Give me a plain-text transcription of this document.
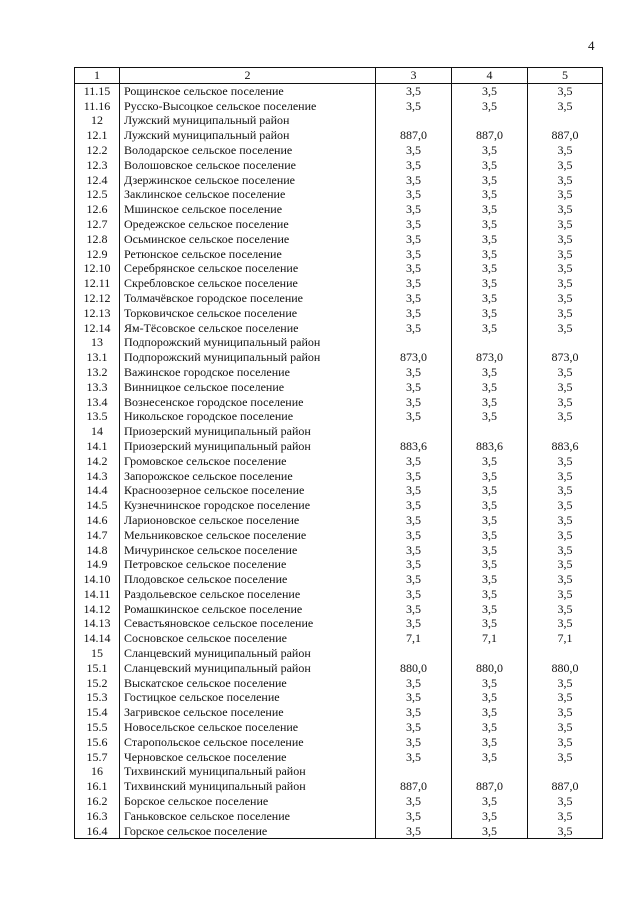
4
1	2	3	4	5
11.15	Рощинское сельское поселение	3,5	3,5	3,5
11.16	Русско-Высоцкое сельское поселение	3,5	3,5	3,5
12	Лужский муниципальный район			
12.1	Лужский муниципальный район	887,0	887,0	887,0
12.2	Володарское сельское поселение	3,5	3,5	3,5
12.3	Волошовское сельское поселение	3,5	3,5	3,5
12.4	Дзержинское сельское поселение	3,5	3,5	3,5
12.5	Заклинское сельское поселение	3,5	3,5	3,5
12.6	Мшинское сельское поселение	3,5	3,5	3,5
12.7	Оредежское сельское поселение	3,5	3,5	3,5
12.8	Осьминское сельское поселение	3,5	3,5	3,5
12.9	Ретюнское сельское поселение	3,5	3,5	3,5
12.10	Серебрянское сельское поселение	3,5	3,5	3,5
12.11	Скребловское сельское поселение	3,5	3,5	3,5
12.12	Толмачёвское городское поселение	3,5	3,5	3,5
12.13	Торковичское сельское поселение	3,5	3,5	3,5
12.14	Ям-Тёсовское сельское поселение	3,5	3,5	3,5
13	Подпорожский муниципальный район			
13.1	Подпорожский муниципальный район	873,0	873,0	873,0
13.2	Важинское городское поселение	3,5	3,5	3,5
13.3	Винницкое сельское поселение	3,5	3,5	3,5
13.4	Вознесенское городское поселение	3,5	3,5	3,5
13.5	Никольское городское поселение	3,5	3,5	3,5
14	Приозерский муниципальный район			
14.1	Приозерский муниципальный район	883,6	883,6	883,6
14.2	Громовское сельское поселение	3,5	3,5	3,5
14.3	Запорожское сельское поселение	3,5	3,5	3,5
14.4	Красноозерное сельское поселение	3,5	3,5	3,5
14.5	Кузнечнинское городское поселение	3,5	3,5	3,5
14.6	Ларионовское сельское поселение	3,5	3,5	3,5
14.7	Мельниковское сельское поселение	3,5	3,5	3,5
14.8	Мичуринское сельское поселение	3,5	3,5	3,5
14.9	Петровское сельское поселение	3,5	3,5	3,5
14.10	Плодовское сельское поселение	3,5	3,5	3,5
14.11	Раздольевское сельское поселение	3,5	3,5	3,5
14.12	Ромашкинское сельское поселение	3,5	3,5	3,5
14.13	Севастьяновское сельское поселение	3,5	3,5	3,5
14.14	Сосновское сельское поселение	7,1	7,1	7,1
15	Сланцевский муниципальный район			
15.1	Сланцевский муниципальный район	880,0	880,0	880,0
15.2	Выскатское сельское поселение	3,5	3,5	3,5
15.3	Гостицкое сельское поселение	3,5	3,5	3,5
15.4	Загривское сельское поселение	3,5	3,5	3,5
15.5	Новосельское сельское поселение	3,5	3,5	3,5
15.6	Старопольское сельское поселение	3,5	3,5	3,5
15.7	Черновское сельское поселение	3,5	3,5	3,5
16	Тихвинский муниципальный район			
16.1	Тихвинский муниципальный район	887,0	887,0	887,0
16.2	Борское сельское поселение	3,5	3,5	3,5
16.3	Ганьковское сельское поселение	3,5	3,5	3,5
16.4	Горское сельское поселение	3,5	3,5	3,5
